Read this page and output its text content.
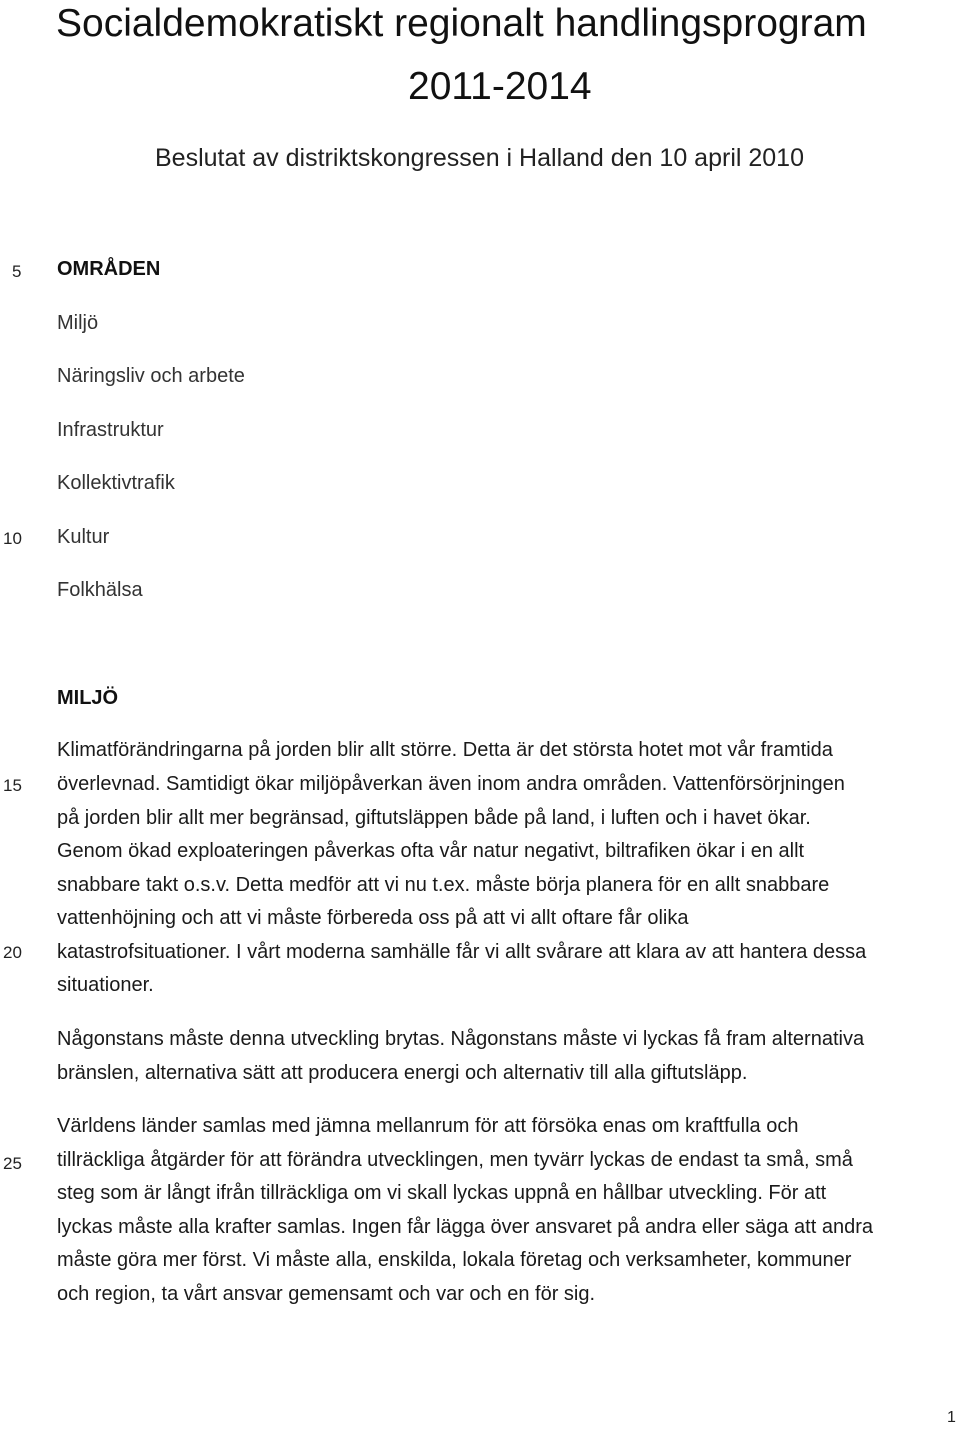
Socialdemokratiskt regionalt handlingsprogram
2011-2014
Beslutat av distriktskongressen i Halland den 10 april 2010
5
10
15
20
25
OMRÅDEN
Miljö
Näringsliv och arbete
Infrastruktur
Kollektivtrafik
Kultur
Folkhälsa
MILJÖ
Klimatförändringarna på jorden blir allt större. Detta är det största hotet mot vår framtida
överlevnad. Samtidigt ökar miljöpåverkan även inom andra områden. Vattenförsörjningen
på jorden blir allt mer begränsad, giftutsläppen både på land, i luften och i havet ökar.
Genom ökad exploateringen påverkas ofta vår natur negativt, biltrafiken ökar i en allt
snabbare takt o.s.v. Detta medför att vi nu t.ex. måste börja planera för en allt snabbare
vattenhöjning och att vi måste förbereda oss på att vi allt oftare får olika
katastrofsituationer. I vårt moderna samhälle får vi allt svårare att klara av att hantera dessa
situationer.
Någonstans måste denna utveckling brytas. Någonstans måste vi lyckas få fram alternativa
bränslen, alternativa sätt att producera energi och alternativ till alla giftutsläpp.
Världens länder samlas med jämna mellanrum för att försöka enas om kraftfulla och
tillräckliga åtgärder för att förändra utvecklingen, men tyvärr lyckas de endast ta små, små
steg som är långt ifrån tillräckliga om vi skall lyckas uppnå en hållbar utveckling. För att
lyckas måste alla krafter samlas. Ingen får lägga över ansvaret på andra eller säga att andra
måste göra mer först. Vi måste alla, enskilda, lokala företag och verksamheter, kommuner
och region, ta vårt ansvar gemensamt och var och en för sig.
1
